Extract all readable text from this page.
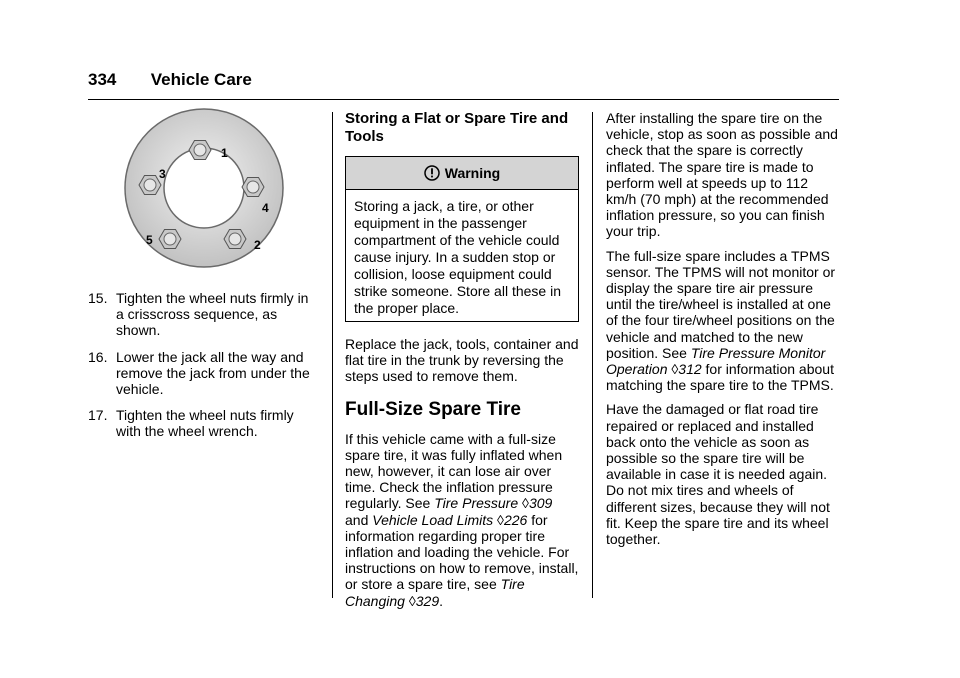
334 Vehicle Care
1
2
3
4
5
15. Tighten the wheel nuts firmly in a crisscross sequence, as shown.
16. Lower the jack all the way and remove the jack from under the vehicle.
17. Tighten the wheel nuts firmly with the wheel wrench.
Storing a Flat or Spare Tire and Tools
Warning
Storing a jack, a tire, or other equipment in the passenger compartment of the vehicle could cause injury. In a sudden stop or collision, loose equipment could strike someone. Store all these in the proper place.

Replace the jack, tools, container and flat tire in the trunk by reversing the steps used to remove them.

Full-Size Spare Tire

If this vehicle came with a full-size spare tire, it was fully inflated when new, however, it can lose air over time. Check the inflation pressure regularly. See Tire Pressure ◊309
and Vehicle Load Limits ◊226 for information regarding proper tire inflation and loading the vehicle. For instructions on how to remove, install, or store a spare tire, see Tire Changing ◊329.

After installing the spare tire on the vehicle, stop as soon as possible and check that the spare is correctly inflated. The spare tire is made to perform well at speeds up to 112 km/h (70 mph) at the recommended inflation pressure, so you can finish your trip.

The full-size spare includes a TPMS sensor. The TPMS will not monitor or display the spare tire air pressure until the tire/wheel is installed at one of the four tire/wheel positions on the vehicle and matched to the new position. See Tire Pressure Monitor Operation ◊312 for information about matching the spare tire to the TPMS.

Have the damaged or flat road tire repaired or replaced and installed back onto the vehicle as soon as possible so the spare tire will be available in case it is needed again. Do not mix tires and wheels of different sizes, because they will not fit. Keep the spare tire and its wheel together.
